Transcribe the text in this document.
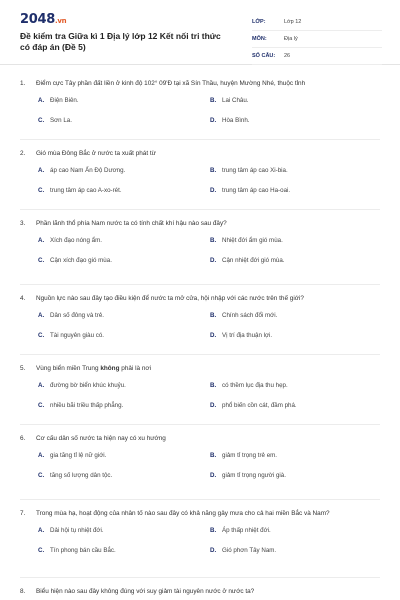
2048.vn
Đề kiểm tra Giữa kì 1 Địa lý lớp 12 Kết nối tri thức có đáp án (Đề 5)
LỚP:	Lớp 12
MÔN:	Địa lý
SỐ CÂU:	26
1.	Điểm cực Tây phần đất liền ở kinh độ 102° 09'Đ tại xã Sín Thầu, huyện Mường Nhé, thuộc tỉnh
A. Điện Biên.	B. Lai Châu.
C. Sơn La.	D. Hòa Bình.
2.	Gió mùa Đông Bắc ở nước ta xuất phát từ
A. áp cao Nam Ấn Độ Dương.	B. trung tâm áp cao Xi-bia.
C. trung tâm áp cao A-xo-rét.	D. trung tâm áp cao Ha-oai.
3.	Phần lãnh thổ phía Nam nước ta có tính chất khí hậu nào sau đây?
A. Xích đạo nóng ẩm.	B. Nhiệt đới ẩm gió mùa.
C. Cận xích đạo gió mùa.	D. Cận nhiệt đới gió mùa.
4.	Nguồn lực nào sau đây tạo điều kiện để nước ta mở cửa, hội nhập với các nước trên thế giới?
A. Dân số đông và trẻ.	B. Chính sách đổi mới.
C. Tài nguyên giàu có.	D. Vị trí địa thuận lợi.
5.	Vùng biển miền Trung không phải là nơi
A. đường bờ biển khúc khuỷu.	B. có thềm lục địa thu hẹp.
C. nhiều bãi triều thấp phẳng.	D. phổ biến cồn cát, đầm phá.
6.	Cơ cấu dân số nước ta hiện nay có xu hướng
A. gia tăng tỉ lệ nữ giới.	B. giảm tỉ trọng trẻ em.
C. tăng số lượng dân tộc.	D. giảm tỉ trọng người già.
7.	Trong mùa hạ, hoạt động của nhân tố nào sau đây có khả năng gây mưa cho cả hai miền Bắc và Nam?
A. Dải hội tụ nhiệt đới.	B. Áp thấp nhiệt đới.
C. Tín phong bán cầu Bắc.	D. Gió phơn Tây Nam.
8.	Biểu hiện nào sau đây không đúng với suy giảm tài nguyên nước ở nước ta?
